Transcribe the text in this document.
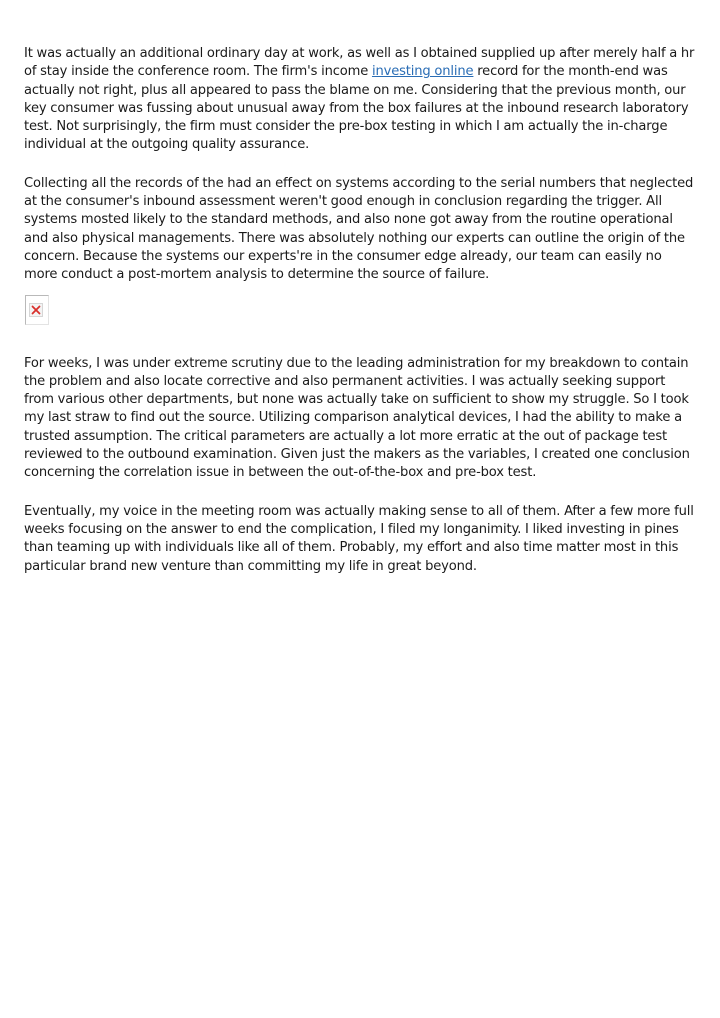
It was actually an additional ordinary day at work, as well as I obtained supplied up after merely half a hr of stay inside the conference room. The firm's income investing online record for the month-end was actually not right, plus all appeared to pass the blame on me. Considering that the previous month, our key consumer was fussing about unusual away from the box failures at the inbound research laboratory test. Not surprisingly, the firm must consider the pre-box testing in which I am actually the in-charge individual at the outgoing quality assurance.

Collecting all the records of the had an effect on systems according to the serial numbers that neglected at the consumer's inbound assessment weren't good enough in conclusion regarding the trigger. All systems mosted likely to the standard methods, and also none got away from the routine operational and also physical managements. There was absolutely nothing our experts can outline the origin of the concern. Because the systems our experts're in the consumer edge already, our team can easily no more conduct a post-mortem analysis to determine the source of failure.

For weeks, I was under extreme scrutiny due to the leading administration for my breakdown to contain the problem and also locate corrective and also permanent activities. I was actually seeking support from various other departments, but none was actually take on sufficient to show my struggle. So I took my last straw to find out the source. Utilizing comparison analytical devices, I had the ability to make a trusted assumption. The critical parameters are actually a lot more erratic at the out of package test reviewed to the outbound examination. Given just the makers as the variables, I created one conclusion concerning the correlation issue in between the out-of-the-box and pre-box test.

Eventually, my voice in the meeting room was actually making sense to all of them. After a few more full weeks focusing on the answer to end the complication, I filed my longanimity. I liked investing in pines than teaming up with individuals like all of them. Probably, my effort and also time matter most in this particular brand new venture than committing my life in great beyond.
